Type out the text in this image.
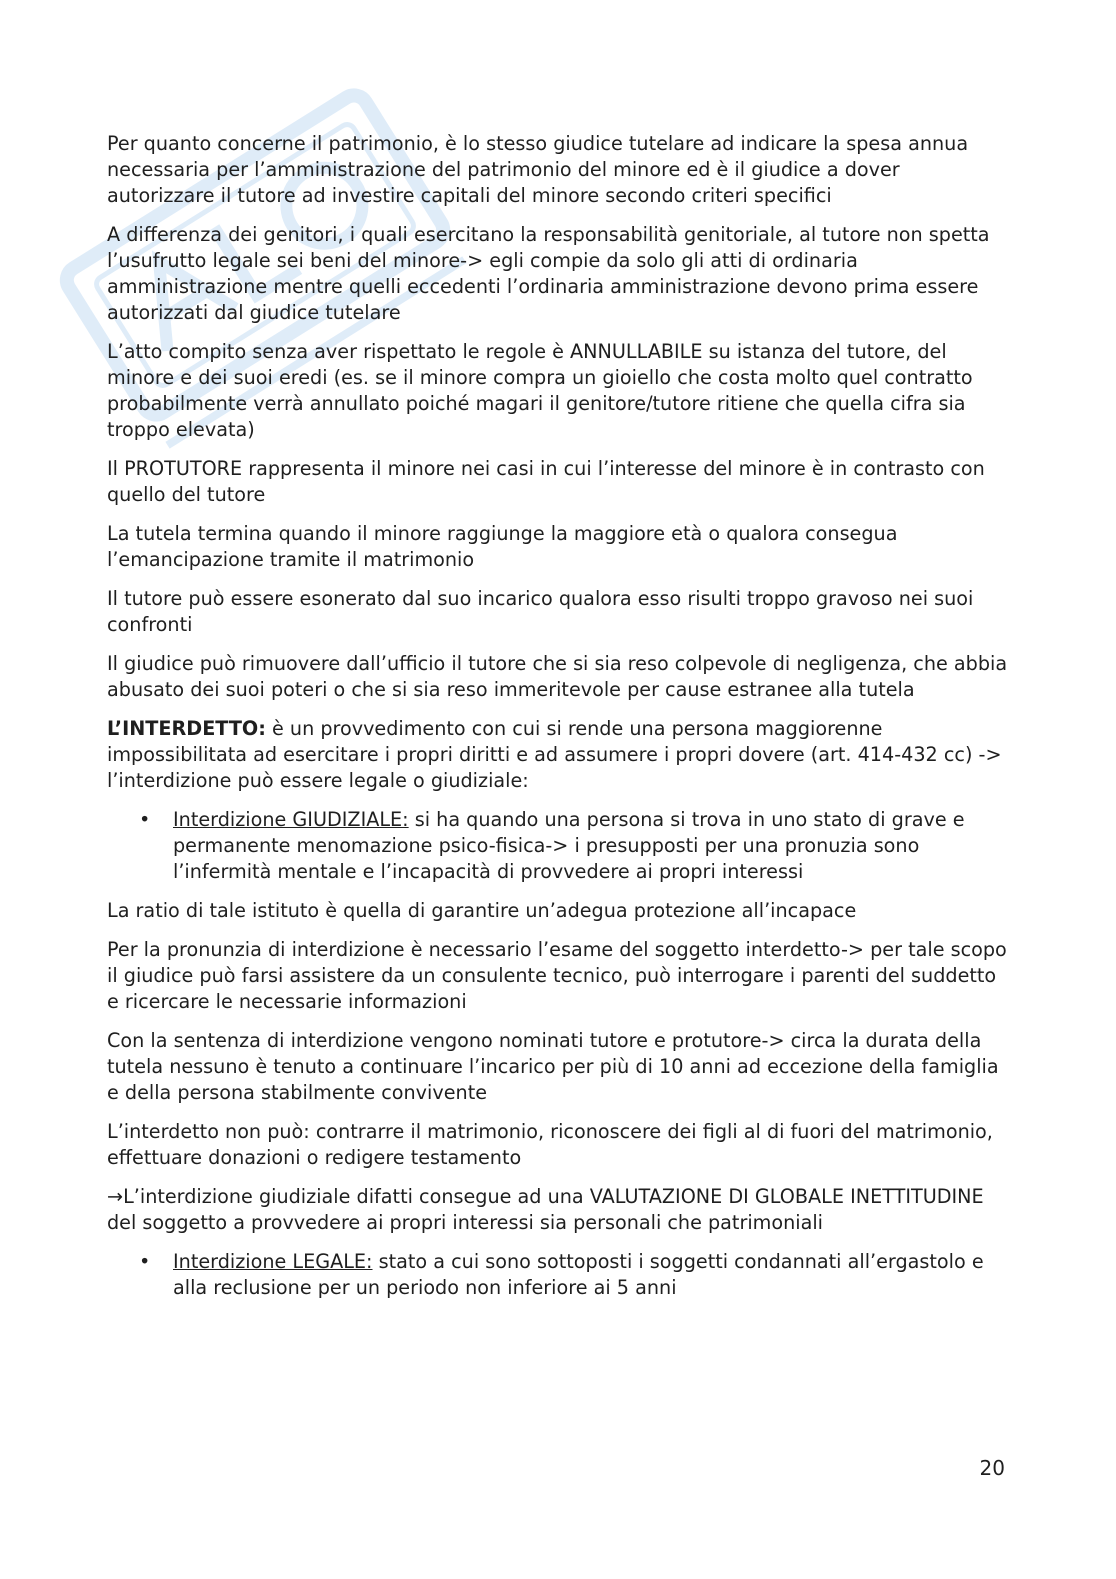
Per quanto concerne il patrimonio, è lo stesso giudice tutelare ad indicare la spesa annua necessaria per l’amministrazione del patrimonio del minore ed è il giudice a dover autorizzare il tutore ad investire capitali del minore secondo criteri specifici

A differenza dei genitori, i quali esercitano la responsabilità genitoriale, al tutore non spetta l’usufrutto legale sei beni del minore-> egli compie da solo gli atti di ordinaria amministrazione mentre quelli eccedenti l’ordinaria amministrazione devono prima essere autorizzati dal giudice tutelare

L’atto compito senza aver rispettato le regole è ANNULLABILE su istanza del tutore, del minore e dei suoi eredi (es. se il minore compra un gioiello che costa molto quel contratto probabilmente verrà annullato poiché magari il genitore/tutore ritiene che quella cifra sia troppo elevata)

Il PROTUTORE rappresenta il minore nei casi in cui l’interesse del minore è in contrasto con quello del tutore

La tutela termina quando il minore raggiunge la maggiore età o qualora consegua l’emancipazione tramite il matrimonio

Il tutore può essere esonerato dal suo incarico qualora esso risulti troppo gravoso nei suoi confronti

Il giudice può rimuovere dall’ufficio il tutore che si sia reso colpevole di negligenza, che abbia abusato dei suoi poteri o che si sia reso immeritevole per cause estranee alla tutela

L’INTERDETTO: è un provvedimento con cui si rende una persona maggiorenne impossibilitata ad esercitare i propri diritti e ad assumere i propri dovere (art. 414-432 cc) -> l’interdizione può essere legale o giudiziale:

• Interdizione GIUDIZIALE: si ha quando una persona si trova in uno stato di grave e permanente menomazione psico-fisica-> i presupposti per una pronuzia sono l’infermità mentale e l’incapacità di provvedere ai propri interessi

La ratio di tale istituto è quella di garantire un’adegua protezione all’incapace

Per la pronunzia di interdizione è necessario l’esame del soggetto interdetto-> per tale scopo il giudice può farsi assistere da un consulente tecnico, può interrogare i parenti del suddetto e ricercare le necessarie informazioni

Con la sentenza di interdizione vengono nominati tutore e protutore-> circa la durata della tutela nessuno è tenuto a continuare l’incarico per più di 10 anni ad eccezione della famiglia e della persona stabilmente convivente

L’interdetto non può: contrarre il matrimonio, riconoscere dei figli al di fuori del matrimonio, effettuare donazioni o redigere testamento

→L’interdizione giudiziale difatti consegue ad una VALUTAZIONE DI GLOBALE INETTITUDINE del soggetto a provvedere ai propri interessi sia personali che patrimoniali

• Interdizione LEGALE: stato a cui sono sottoposti i soggetti condannati all’ergastolo e alla reclusione per un periodo non inferiore ai 5 anni
20
